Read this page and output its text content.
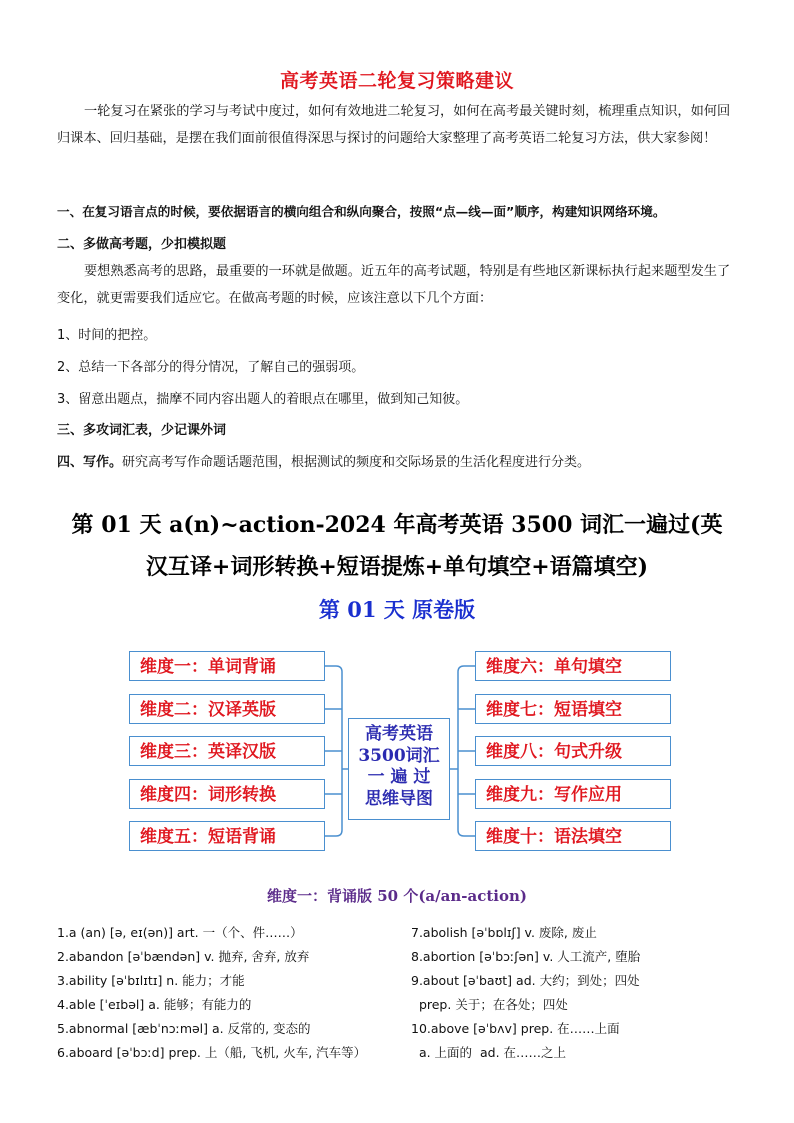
高考英语二轮复习策略建议
一轮复习在紧张的学习与考试中度过，如何有效地进二轮复习，如何在高考最关键时刻，梳理重点知识，如何回归课本、回归基础，是摆在我们面前很值得深思与探讨的问题给大家整理了高考英语二轮复习方法，供大家参阅！
一、在复习语言点的时候，要依据语言的横向组合和纵向聚合，按照“点—线—面”顺序，构建知识网络环境。
二、多做高考题，少扣模拟题
要想熟悉高考的思路，最重要的一环就是做题。近五年的高考试题，特别是有些地区新课标执行起来题型发生了变化，就更需要我们适应它。在做高考题的时候，应该注意以下几个方面：
1、时间的把控。
2、总结一下各部分的得分情况，了解自己的强弱项。
3、留意出题点，揣摩不同内容出题人的着眼点在哪里，做到知己知彼。
三、多攻词汇表，少记课外词
四、写作。研究高考写作命题话题范围，根据测试的频度和交际场景的生活化程度进行分类。
第 01 天 a(n)~action-2024 年高考英语 3500 词汇一遍过(英
汉互译+词形转换+短语提炼+单句填空+语篇填空)
第 01 天 原卷版
维度一：单词背诵
维度二：汉译英版
维度三：英译汉版
维度四：词形转换
维度五：短语背诵
维度六：单句填空
维度七：短语填空
维度八：句式升级
维度九：写作应用
维度十：语法填空
高考英语
3500词汇
一 遍 过
思维导图
维度一：背诵版 50 个(a/an-action)
1.a (an) [ə, eɪ(ən)] art. 一（个、件……）
2.abandon [əˈbændən] v. 抛弃, 舍弃, 放弃
3.ability [əˈbɪlɪtɪ] n. 能力；才能
4.able [ˈeɪbəl] a. 能够；有能力的
5.abnormal [æbˈnɔːməl] a. 反常的, 变态的
6.aboard [əˈbɔːd] prep. 上（船, 飞机, 火车, 汽车等）
7.abolish [əˈbɒlɪʃ] v. 废除, 废止
8.abortion [əˈbɔːʃən] v. 人工流产, 堕胎
9.about [əˈbaʊt] ad. 大约；到处；四处
prep. 关于；在各处；四处
10.above [əˈbʌv] prep. 在……上面
a. 上面的  ad. 在……之上
